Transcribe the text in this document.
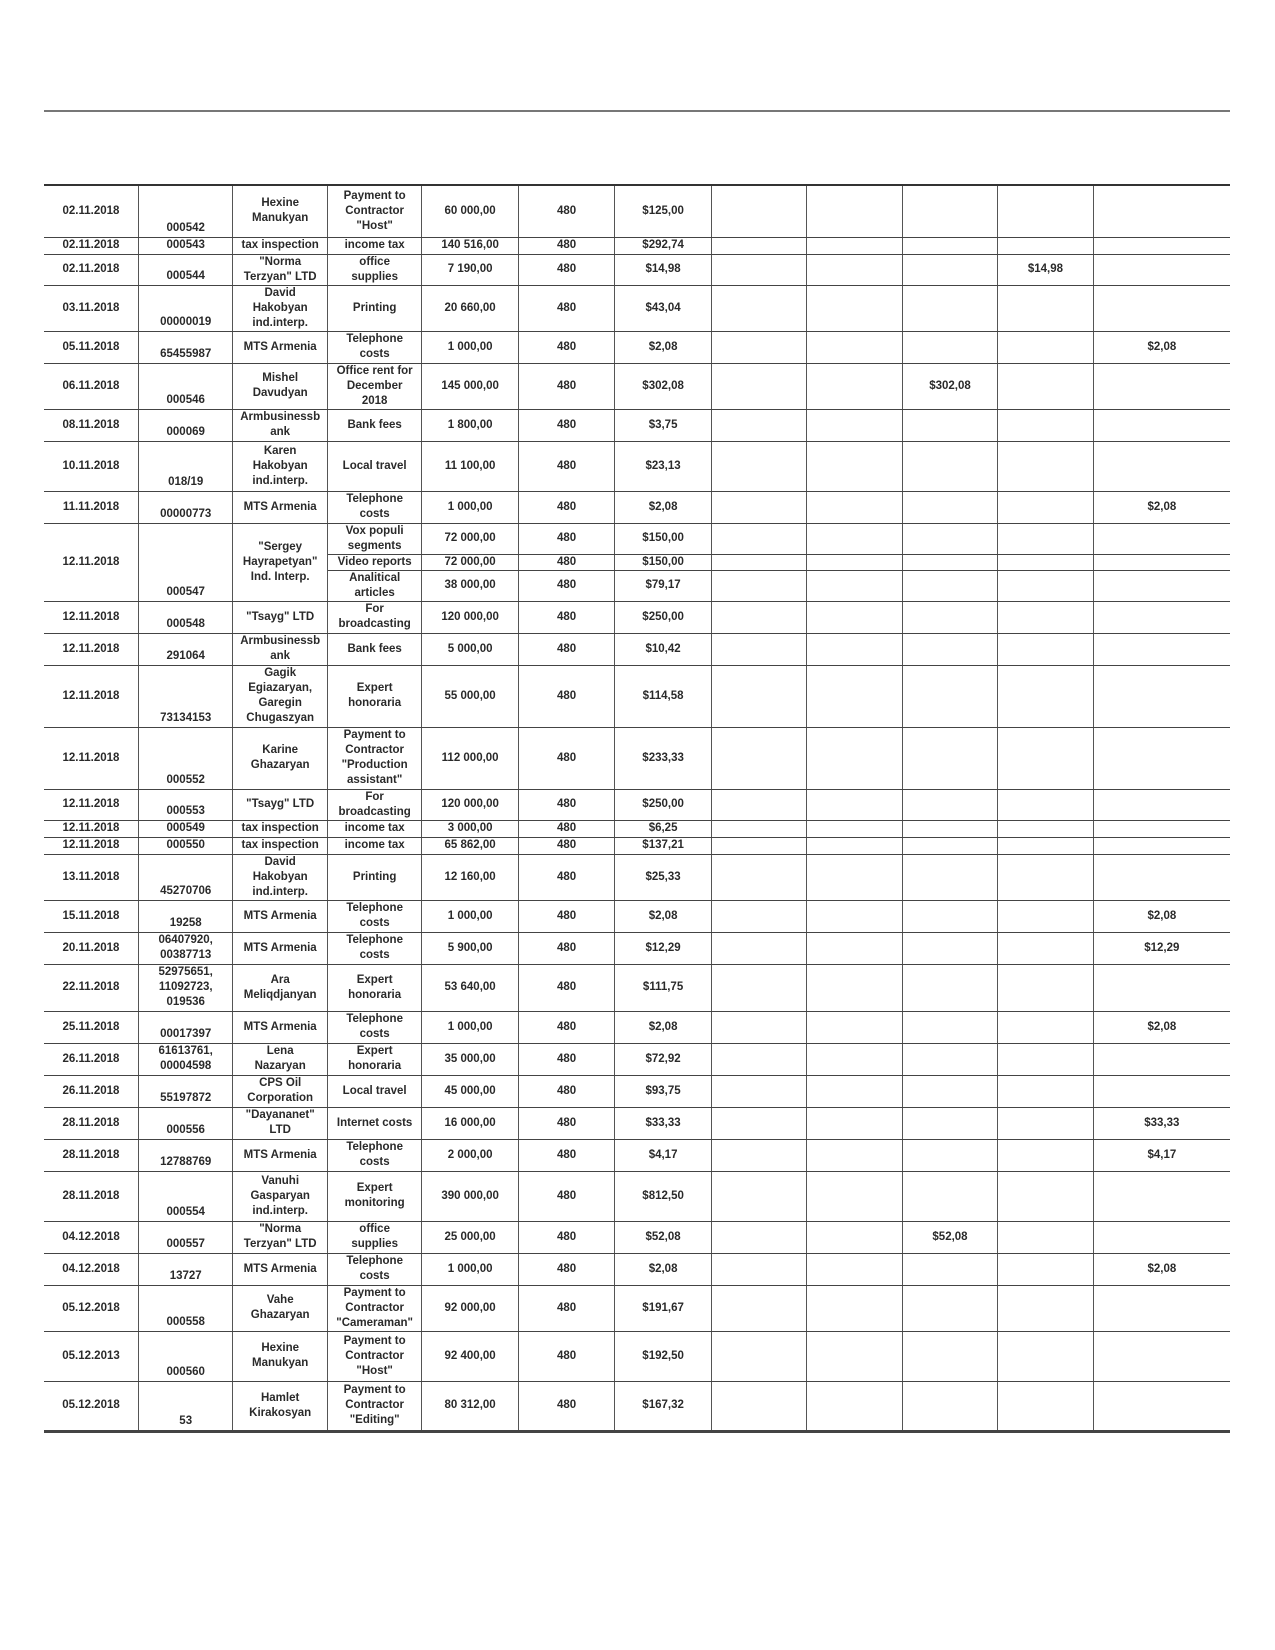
02.11.2018	000542	Hexine
Manukyan	Payment to
Contractor
"Host"	60 000,00	480	$125,00					
02.11.2018	000543	tax inspection	income tax	140 516,00	480	$292,74					
02.11.2018	000544	"Norma
Terzyan" LTD	office
supplies	7 190,00	480	$14,98				$14,98	
03.11.2018	00000019	David
Hakobyan
ind.interp.	Printing	20 660,00	480	$43,04					
05.11.2018	65455987	MTS Armenia	Telephone
costs	1 000,00	480	$2,08					$2,08
06.11.2018	000546	Mishel
Davudyan	Office rent for
December
2018	145 000,00	480	$302,08			$302,08		
08.11.2018	000069	Armbusinessb
ank	Bank fees	1 800,00	480	$3,75					
10.11.2018	018/19	Karen
Hakobyan
ind.interp.	Local travel	11 100,00	480	$23,13					
11.11.2018	00000773	MTS Armenia	Telephone
costs	1 000,00	480	$2,08					$2,08
12.11.2018	000547	"Sergey
Hayrapetyan"
Ind. Interp.	Vox populi
segments	72 000,00	480	$150,00					
			Video reports	72 000,00	480	$150,00					
			Analitical
articles	38 000,00	480	$79,17					
12.11.2018	000548	"Tsayg" LTD	For
broadcasting	120 000,00	480	$250,00					
12.11.2018	291064	Armbusinessb
ank	Bank fees	5 000,00	480	$10,42					
12.11.2018	73134153	Gagik
Egiazaryan,
Garegin
Chugaszyan	Expert
honoraria	55 000,00	480	$114,58					
12.11.2018	000552	Karine
Ghazaryan	Payment to
Contractor
"Production
assistant"	112 000,00	480	$233,33					
12.11.2018	000553	"Tsayg" LTD	For
broadcasting	120 000,00	480	$250,00					
12.11.2018	000549	tax inspection	income tax	3 000,00	480	$6,25					
12.11.2018	000550	tax inspection	income tax	65 862,00	480	$137,21					
13.11.2018	45270706	David
Hakobyan
ind.interp.	Printing	12 160,00	480	$25,33					
15.11.2018	19258	MTS Armenia	Telephone
costs	1 000,00	480	$2,08					$2,08
20.11.2018	06407920,
00387713	MTS Armenia	Telephone
costs	5 900,00	480	$12,29					$12,29
22.11.2018	52975651,
11092723,
019536	Ara
Meliqdjanyan	Expert
honoraria	53 640,00	480	$111,75					
25.11.2018	00017397	MTS Armenia	Telephone
costs	1 000,00	480	$2,08					$2,08
26.11.2018	61613761,
00004598	Lena
Nazaryan	Expert
honoraria	35 000,00	480	$72,92					
26.11.2018	55197872	CPS Oil
Corporation	Local travel	45 000,00	480	$93,75					
28.11.2018	000556	"Dayananet"
LTD	Internet costs	16 000,00	480	$33,33					$33,33
28.11.2018	12788769	MTS Armenia	Telephone
costs	2 000,00	480	$4,17					$4,17
28.11.2018	000554	Vanuhi
Gasparyan
ind.interp.	Expert
monitoring	390 000,00	480	$812,50					
04.12.2018	000557	"Norma
Terzyan" LTD	office
supplies	25 000,00	480	$52,08			$52,08		
04.12.2018	13727	MTS Armenia	Telephone
costs	1 000,00	480	$2,08					$2,08
05.12.2018	000558	Vahe
Ghazaryan	Payment to
Contractor
"Cameraman"	92 000,00	480	$191,67					
05.12.2013	000560	Hexine
Manukyan	Payment to
Contractor
"Host"	92 400,00	480	$192,50					
05.12.2018	53	Hamlet
Kirakosyan	Payment to
Contractor
"Editing"	80 312,00	480	$167,32					
